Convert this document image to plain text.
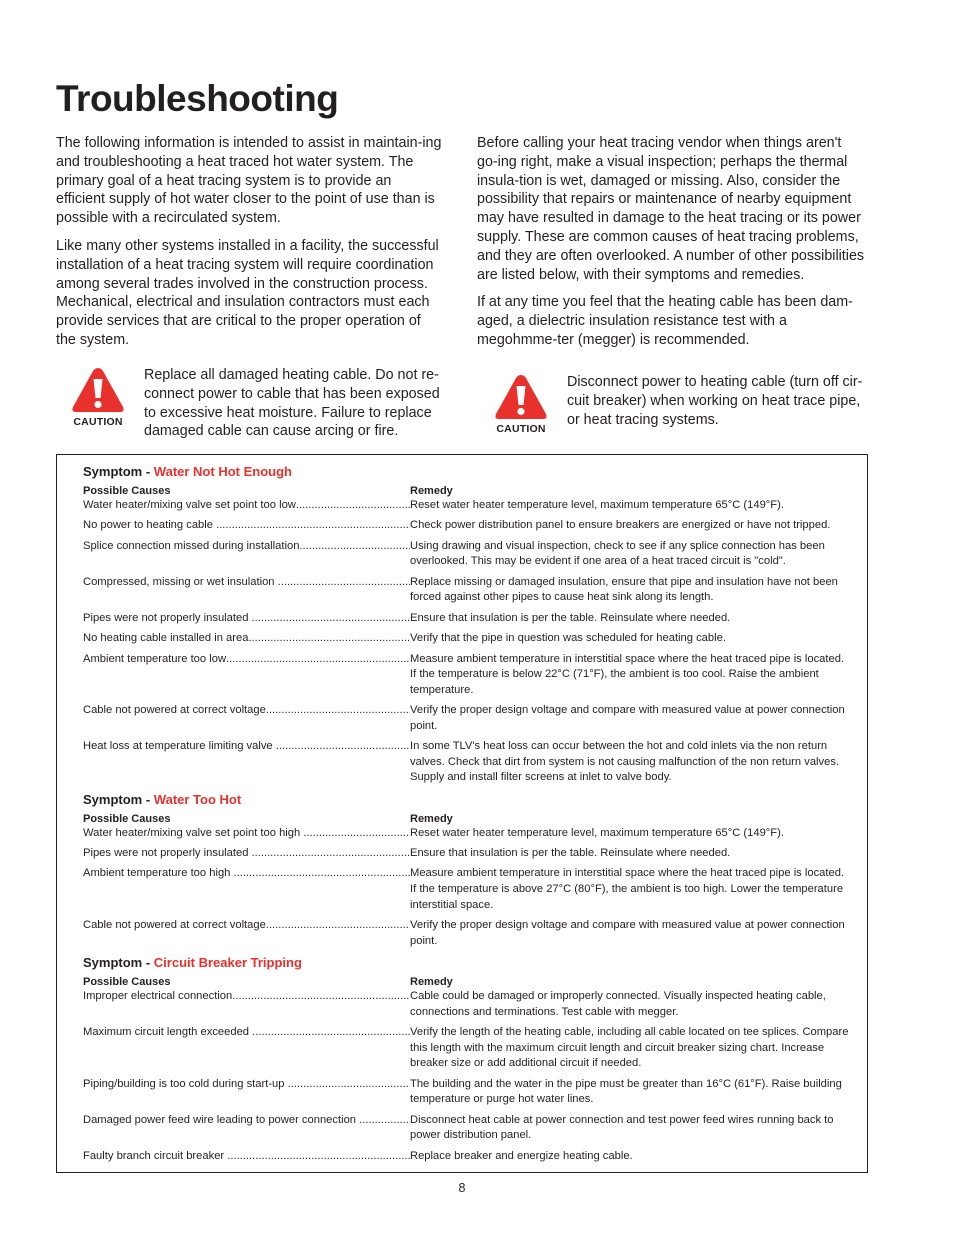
Troubleshooting

The following information is intended to assist in maintain-ing and troubleshooting a heat traced hot water system. The primary goal of a heat tracing system is to provide an efficient supply of hot water closer to the point of use than is possible with a recirculated system.

Like many other systems installed in a facility, the successful installation of a heat tracing system will require coordination among several trades involved in the construction process. Mechanical, electrical and insulation contractors must each provide services that are critical to the proper operation of the system.

Before calling your heat tracing vendor when things aren't go-ing right, make a visual inspection; perhaps the thermal insula-tion is wet, damaged or missing. Also, consider the possibility that repairs or maintenance of nearby equipment may have resulted in damage to the heat tracing or its power supply. These are common causes of heat tracing problems, and they are often overlooked. A number of other possibilities are listed below, with their symptoms and remedies.

If at any time you feel that the heating cable has been dam-aged, a dielectric insulation resistance test with a megohmme-ter (megger) is recommended.

CAUTION
Replace all damaged heating cable. Do not re-connect power to cable that has been exposed to excessive heat moisture. Failure to replace damaged cable can cause arcing or fire.	CAUTION
Disconnect power to heating cable (turn off cir-cuit breaker) when working on heat trace pipe, or heat tracing systems.
Symptom - Water Not Hot Enough
Possible Causes	Remedy
Water heater/mixing valve set point too low .....	Reset water heater temperature level, maximum temperature 65°C (149°F).
No power to heating cable .....	Check power distribution panel to ensure breakers are energized or have not tripped.
Splice connection missed during installation .....	Using drawing and visual inspection, check to see if any splice connection has been overlooked. This may be evident if one area of a heat traced circuit is "cold".
Compressed, missing or wet insulation .....	Replace missing or damaged insulation, ensure that pipe and insulation have not been forced against other pipes to cause heat sink along its length.
Pipes were not properly insulated .....	Ensure that insulation is per the table. Reinsulate where needed.
No heating cable installed in area .....	Verify that the pipe in question was scheduled for heating cable.
Ambient temperature too low .....	Measure ambient temperature in interstitial space where the heat traced pipe is located. If the temperature is below 22°C (71°F), the ambient is too cool. Raise the ambient temperature.
Cable not powered at correct voltage .....	Verify the proper design voltage and compare with measured value at power connection point.
Heat loss at temperature limiting valve .....	In some TLV's heat loss can occur between the hot and cold inlets via the non return valves. Check that dirt from system is not causing malfunction of the non return valves. Supply and install filter screens at inlet to valve body.
Symptom - Water Too Hot
Possible Causes	Remedy
Water heater/mixing valve set point too high .....	Reset water heater temperature level, maximum temperature 65°C (149°F).
Pipes were not properly insulated .....	Ensure that insulation is per the table. Reinsulate where needed.
Ambient temperature too high .....	Measure ambient temperature in interstitial space where the heat traced pipe is located. If the temperature is above 27°C (80°F), the ambient is too high. Lower the temperature interstitial space.
Cable not powered at correct voltage .....	Verify the proper design voltage and compare with measured value at power connection point.
Symptom - Circuit Breaker Tripping
Possible Causes	Remedy
Improper electrical connection .....	Cable could be damaged or improperly connected. Visually inspected heating cable, connections and terminations. Test cable with megger.
Maximum circuit length exceeded .....	Verify the length of the heating cable, including all cable located on tee splices. Compare this length with the maximum circuit length and circuit breaker sizing chart. Increase breaker size or add additional circuit if needed.
Piping/building is too cold during start-up .....	The building and the water in the pipe must be greater than 16°C (61°F). Raise building temperature or purge hot water lines.
Damaged power feed wire leading to power connection .....	Disconnect heat cable at power connection and test power feed wires running back to power distribution panel.
Faulty branch circuit breaker .....	Replace breaker and energize heating cable.
8
